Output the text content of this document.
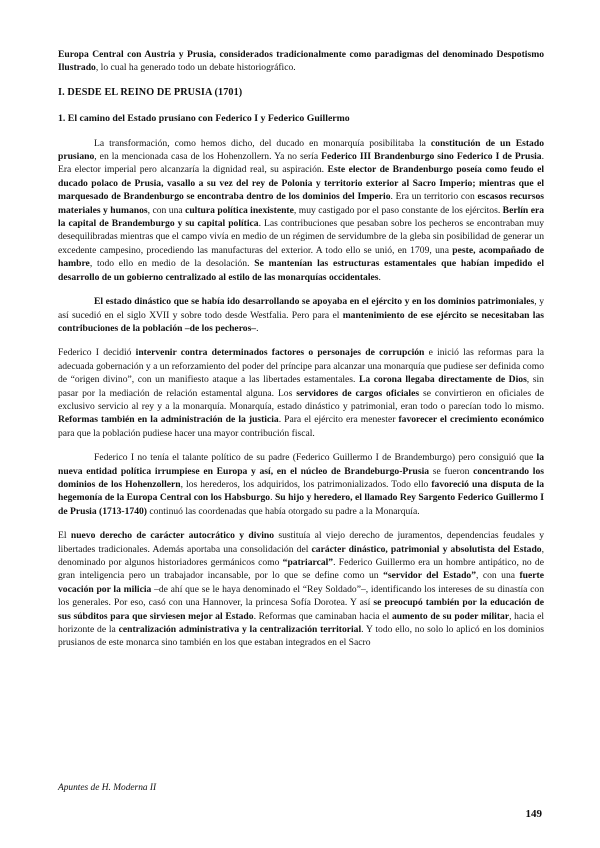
Europa Central con Austria y Prusia, considerados tradicionalmente como paradigmas del denominado Despotismo Ilustrado, lo cual ha generado todo un debate historiográfico.

I. DESDE EL REINO DE PRUSIA (1701)

1. El camino del Estado prusiano con Federico I y Federico Guillermo

La transformación, como hemos dicho, del ducado en monarquía posibilitaba la constitución de un Estado prusiano, en la mencionada casa de los Hohenzollern. Ya no sería Federico III Brandenburgo sino Federico I de Prusia. Era elector imperial pero alcanzaría la dignidad real, su aspiración. Este elector de Brandenburgo poseía como feudo el ducado polaco de Prusia, vasallo a su vez del rey de Polonia y territorio exterior al Sacro Imperio; mientras que el marquesado de Brandenburgo se encontraba dentro de los dominios del Imperio. Era un territorio con escasos recursos materiales y humanos, con una cultura política inexistente, muy castigado por el paso constante de los ejércitos. Berlín era la capital de Brandemburgo y su capital política. Las contribuciones que pesaban sobre los pecheros se encontraban muy desequilibradas mientras que el campo vivía en medio de un régimen de servidumbre de la gleba sin posibilidad de generar un excedente campesino, procediendo las manufacturas del exterior. A todo ello se unió, en 1709, una peste, acompañado de hambre, todo ello en medio de la desolación. Se mantenían las estructuras estamentales que habían impedido el desarrollo de un gobierno centralizado al estilo de las monarquías occidentales.

El estado dinástico que se había ido desarrollando se apoyaba en el ejército y en los dominios patrimoniales, y así sucedió en el siglo XVII y sobre todo desde Westfalia. Pero para el mantenimiento de ese ejército se necesitaban las contribuciones de la población –de los pecheros–.

Federico I decidió intervenir contra determinados factores o personajes de corrupción e inició las reformas para la adecuada gobernación y a un reforzamiento del poder del príncipe para alcanzar una monarquía que pudiese ser definida como de “origen divino”, con un manifiesto ataque a las libertades estamentales. La corona llegaba directamente de Dios, sin pasar por la mediación de relación estamental alguna. Los servidores de cargos oficiales se convirtieron en oficiales de exclusivo servicio al rey y a la monarquía. Monarquía, estado dinástico y patrimonial, eran todo o parecían todo lo mismo. Reformas también en la administración de la justicia. Para el ejército era menester favorecer el crecimiento económico para que la población pudiese hacer una mayor contribución fiscal.

Federico I no tenía el talante político de su padre (Federico Guillermo I de Brandemburgo) pero consiguió que la nueva entidad política irrumpiese en Europa y así, en el núcleo de Brandeburgo-Prusia se fueron concentrando los dominios de los Hohenzollern, los herederos, los adquiridos, los patrimonializados. Todo ello favoreció una disputa de la hegemonía de la Europa Central con los Habsburgo. Su hijo y heredero, el llamado Rey Sargento Federico Guillermo I de Prusia (1713-1740) continuó las coordenadas que había otorgado su padre a la Monarquía.

El nuevo derecho de carácter autocrático y divino sustituía al viejo derecho de juramentos, dependencias feudales y libertades tradicionales. Además aportaba una consolidación del carácter dinástico, patrimonial y absolutista del Estado, denominado por algunos historiadores germánicos como “patriarcal”. Federico Guillermo era un hombre antipático, no de gran inteligencia pero un trabajador incansable, por lo que se define como un “servidor del Estado”, con una fuerte vocación por la milicia –de ahí que se le haya denominado el “Rey Soldado”–, identificando los intereses de su dinastía con los generales. Por eso, casó con una Hannover, la princesa Sofía Dorotea. Y así se preocupó también por la educación de sus súbditos para que sirviesen mejor al Estado. Reformas que caminaban hacia el aumento de su poder militar, hacia el horizonte de la centralización administrativa y la centralización territorial. Y todo ello, no solo lo aplicó en los dominios prusianos de este monarca sino también en los que estaban integrados en el Sacro

Apuntes de H. Moderna II
149
